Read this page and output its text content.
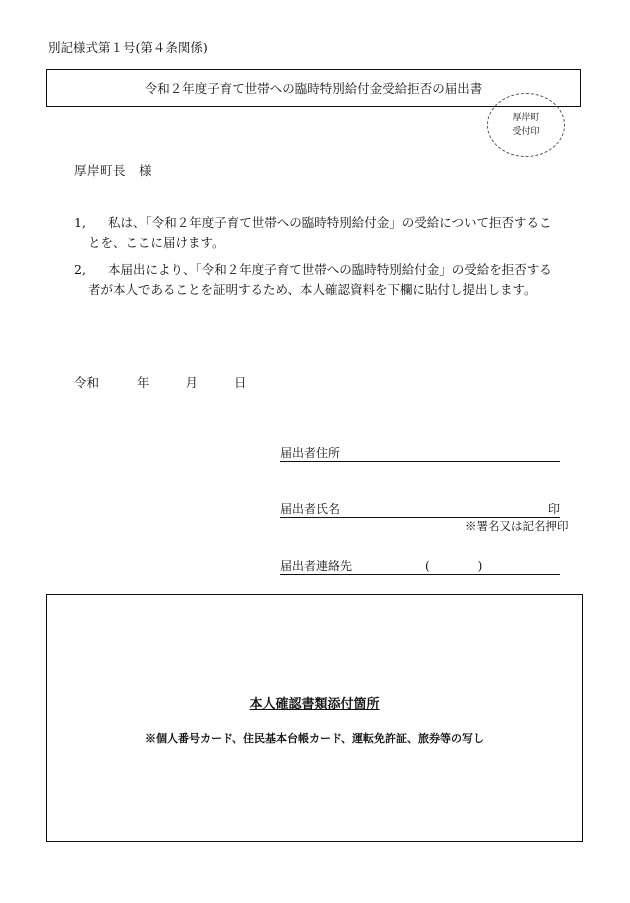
別記様式第１号(第４条関係)
令和２年度子育て世帯への臨時特別給付金受給拒否の届出書
厚岸町
受付印
厚岸町長　様
1,	私は、「令和２年度子育て世帯への臨時特別給付金」の受給について拒否することを、ここに届けます。
2,	本届出により、「令和２年度子育て世帯への臨時特別給付金」の受給を拒否する者が本人であることを証明するため、本人確認資料を下欄に貼付し提出します。
令和	年	月	日
届出者住所
届出者氏名	印
※署名又は記名押印
届出者連絡先	(　　　　)
本人確認書類添付箇所
※個人番号カード、住民基本台帳カード、運転免許証、旅券等の写し
